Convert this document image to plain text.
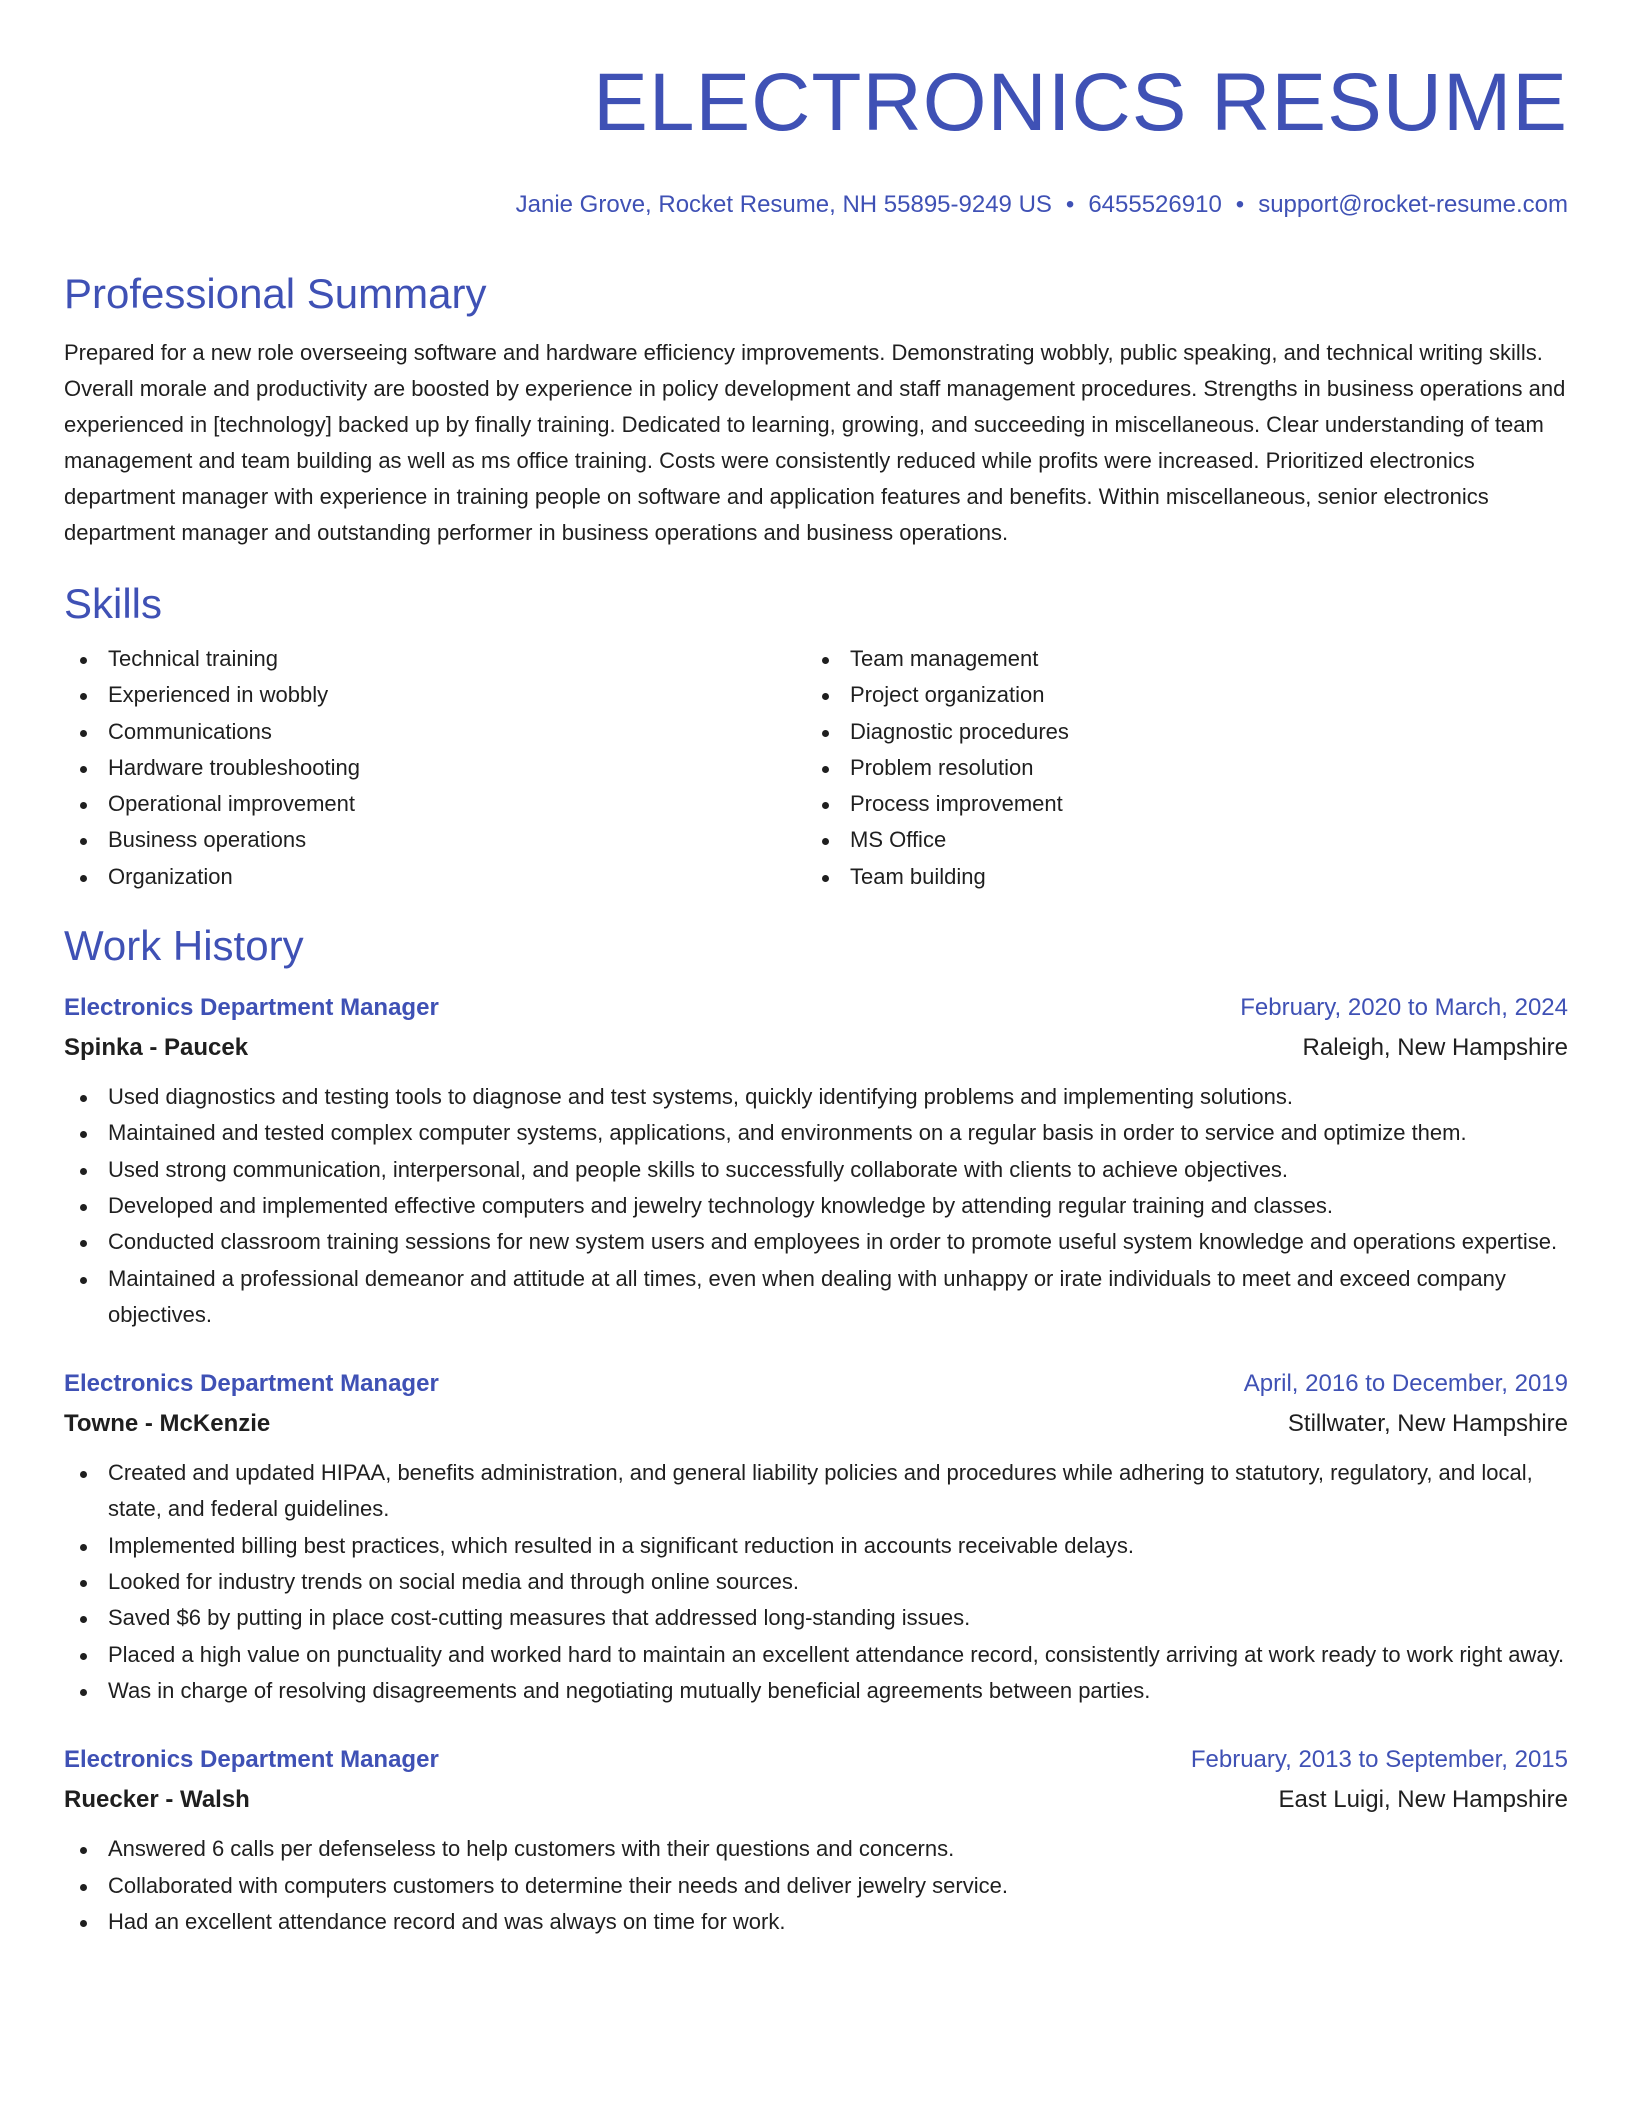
ELECTRONICS RESUME
Janie Grove, Rocket Resume, NH 55895-9249 US • 6455526910 • support@rocket-resume.com
Professional Summary

Prepared for a new role overseeing software and hardware efficiency improvements. Demonstrating wobbly, public speaking, and technical writing skills. Overall morale and productivity are boosted by experience in policy development and staff management procedures. Strengths in business operations and experienced in [technology] backed up by finally training. Dedicated to learning, growing, and succeeding in miscellaneous. Clear understanding of team management and team building as well as ms office training. Costs were consistently reduced while profits were increased. Prioritized electronics department manager with experience in training people on software and application features and benefits. Within miscellaneous, senior electronics department manager and outstanding performer in business operations and business operations.

Skills
Technical training
Experienced in wobbly
Communications
Hardware troubleshooting
Operational improvement
Business operations
Organization
Team management
Project organization
Diagnostic procedures
Problem resolution
Process improvement
MS Office
Team building
Work History
Electronics Department Manager	February, 2020 to March, 2024
Spinka - Paucek	Raleigh, New Hampshire
Used diagnostics and testing tools to diagnose and test systems, quickly identifying problems and implementing solutions.
Maintained and tested complex computer systems, applications, and environments on a regular basis in order to service and optimize them.
Used strong communication, interpersonal, and people skills to successfully collaborate with clients to achieve objectives.
Developed and implemented effective computers and jewelry technology knowledge by attending regular training and classes.
Conducted classroom training sessions for new system users and employees in order to promote useful system knowledge and operations expertise.
Maintained a professional demeanor and attitude at all times, even when dealing with unhappy or irate individuals to meet and exceed company objectives.
Electronics Department Manager	April, 2016 to December, 2019
Towne - McKenzie	Stillwater, New Hampshire
Created and updated HIPAA, benefits administration, and general liability policies and procedures while adhering to statutory, regulatory, and local, state, and federal guidelines.
Implemented billing best practices, which resulted in a significant reduction in accounts receivable delays.
Looked for industry trends on social media and through online sources.
Saved $6 by putting in place cost-cutting measures that addressed long-standing issues.
Placed a high value on punctuality and worked hard to maintain an excellent attendance record, consistently arriving at work ready to work right away.
Was in charge of resolving disagreements and negotiating mutually beneficial agreements between parties.
Electronics Department Manager	February, 2013 to September, 2015
Ruecker - Walsh	East Luigi, New Hampshire
Answered 6 calls per defenseless to help customers with their questions and concerns.
Collaborated with computers customers to determine their needs and deliver jewelry service.
Had an excellent attendance record and was always on time for work.
